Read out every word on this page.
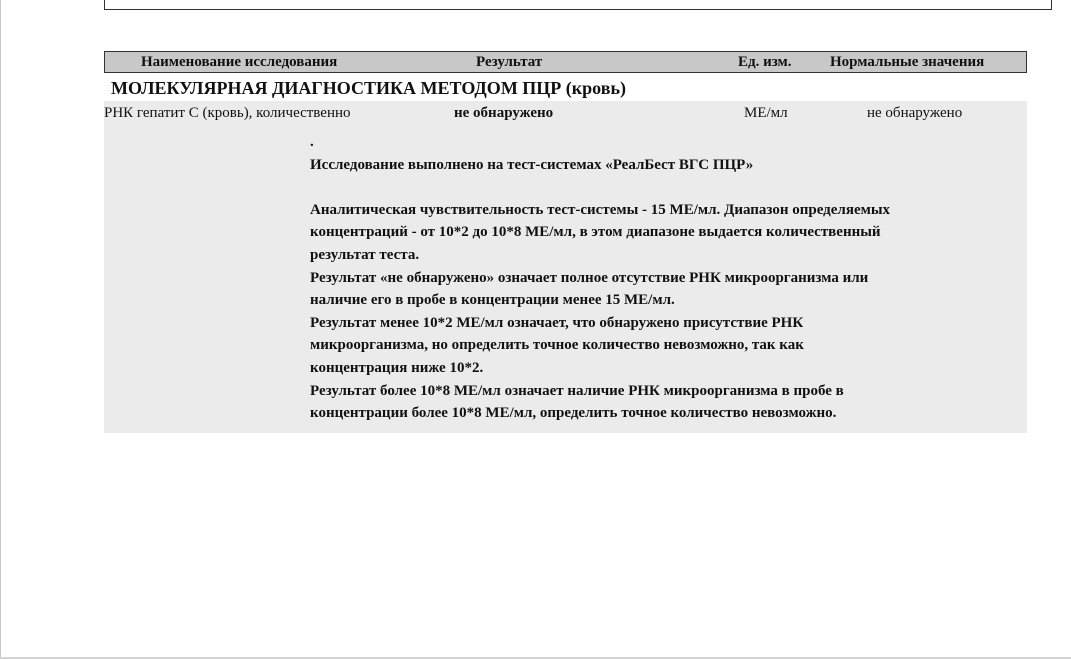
Наименование исследования	Результат	Ед. изм.	Нормальные значения
МОЛЕКУЛЯРНАЯ ДИАГНОСТИКА МЕТОДОМ ПЦР (кровь)
РНК гепатит С (кровь), количественно	не обнаружено	МЕ/мл	не обнаружено

.

Исследование выполнено на тест-системах «РеалБест ВГС ПЦР»

Аналитическая чувствительность тест-системы - 15 МЕ/мл. Диапазон определяемых

концентраций - от 10*2 до 10*8 МЕ/мл, в этом диапазоне выдается количественный

результат теста.

Результат «не обнаружено» означает полное отсутствие РНК микроорганизма или

наличие его в пробе в концентрации менее 15 МЕ/мл.

Результат менее 10*2 МЕ/мл означает, что обнаружено присутствие РНК

микроорганизма, но определить точное количество невозможно, так как

концентрация ниже 10*2.

Результат более 10*8 МЕ/мл означает наличие РНК микроорганизма в пробе в

концентрации более 10*8 МЕ/мл, определить точное количество невозможно.
